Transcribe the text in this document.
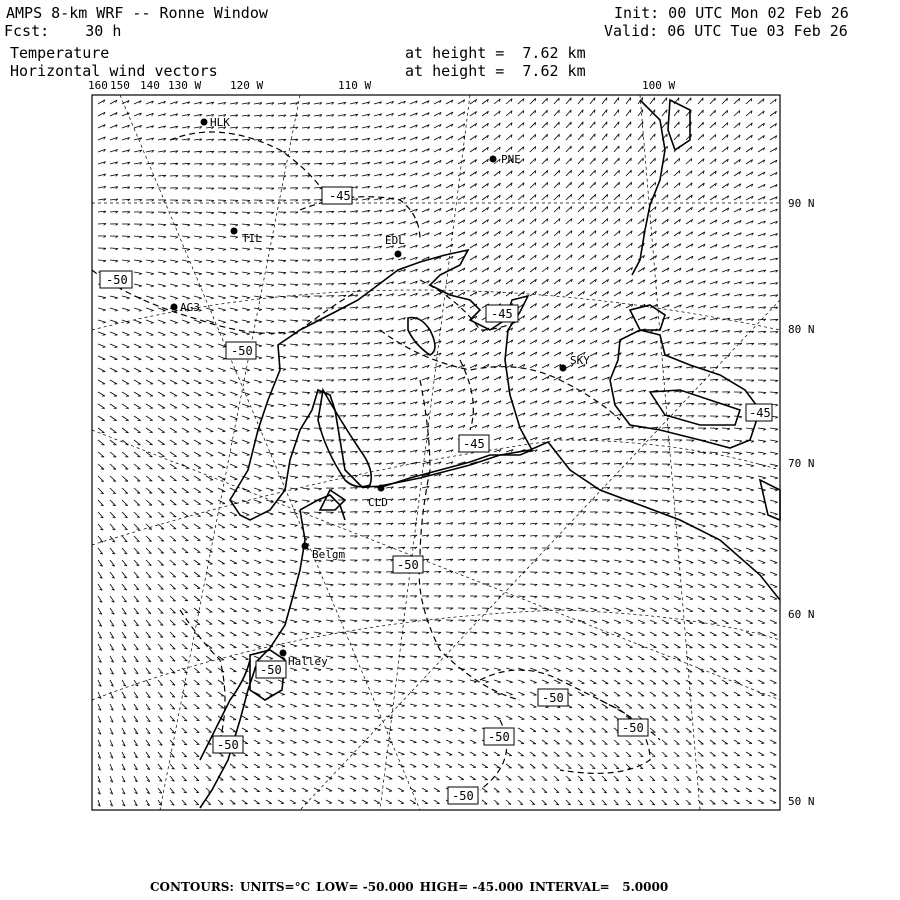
AMPS 8-km WRF -- Ronne Window
Fcst:    30 h
Temperature
Horizontal wind vectors
at height =  7.62 km
at height =  7.62 km
Init: 00 UTC Mon 02 Feb 26
Valid: 06 UTC Tue 03 Feb 26
160 150 140 130 W	120 W	110 W	100 W
90 N
80 N
70 N
60 N
50 N
HLK
PNE
TIL	EDL
AG3
SKY
CLD
Belgm
Halley
-45
-50
-45
-50
-45
-45
-50
-50
-50
-50
-50
-50
-50
CONTOURS: UNITS=°C LOW= -50.000 HIGH= -45.000 INTERVAL=   5.0000
